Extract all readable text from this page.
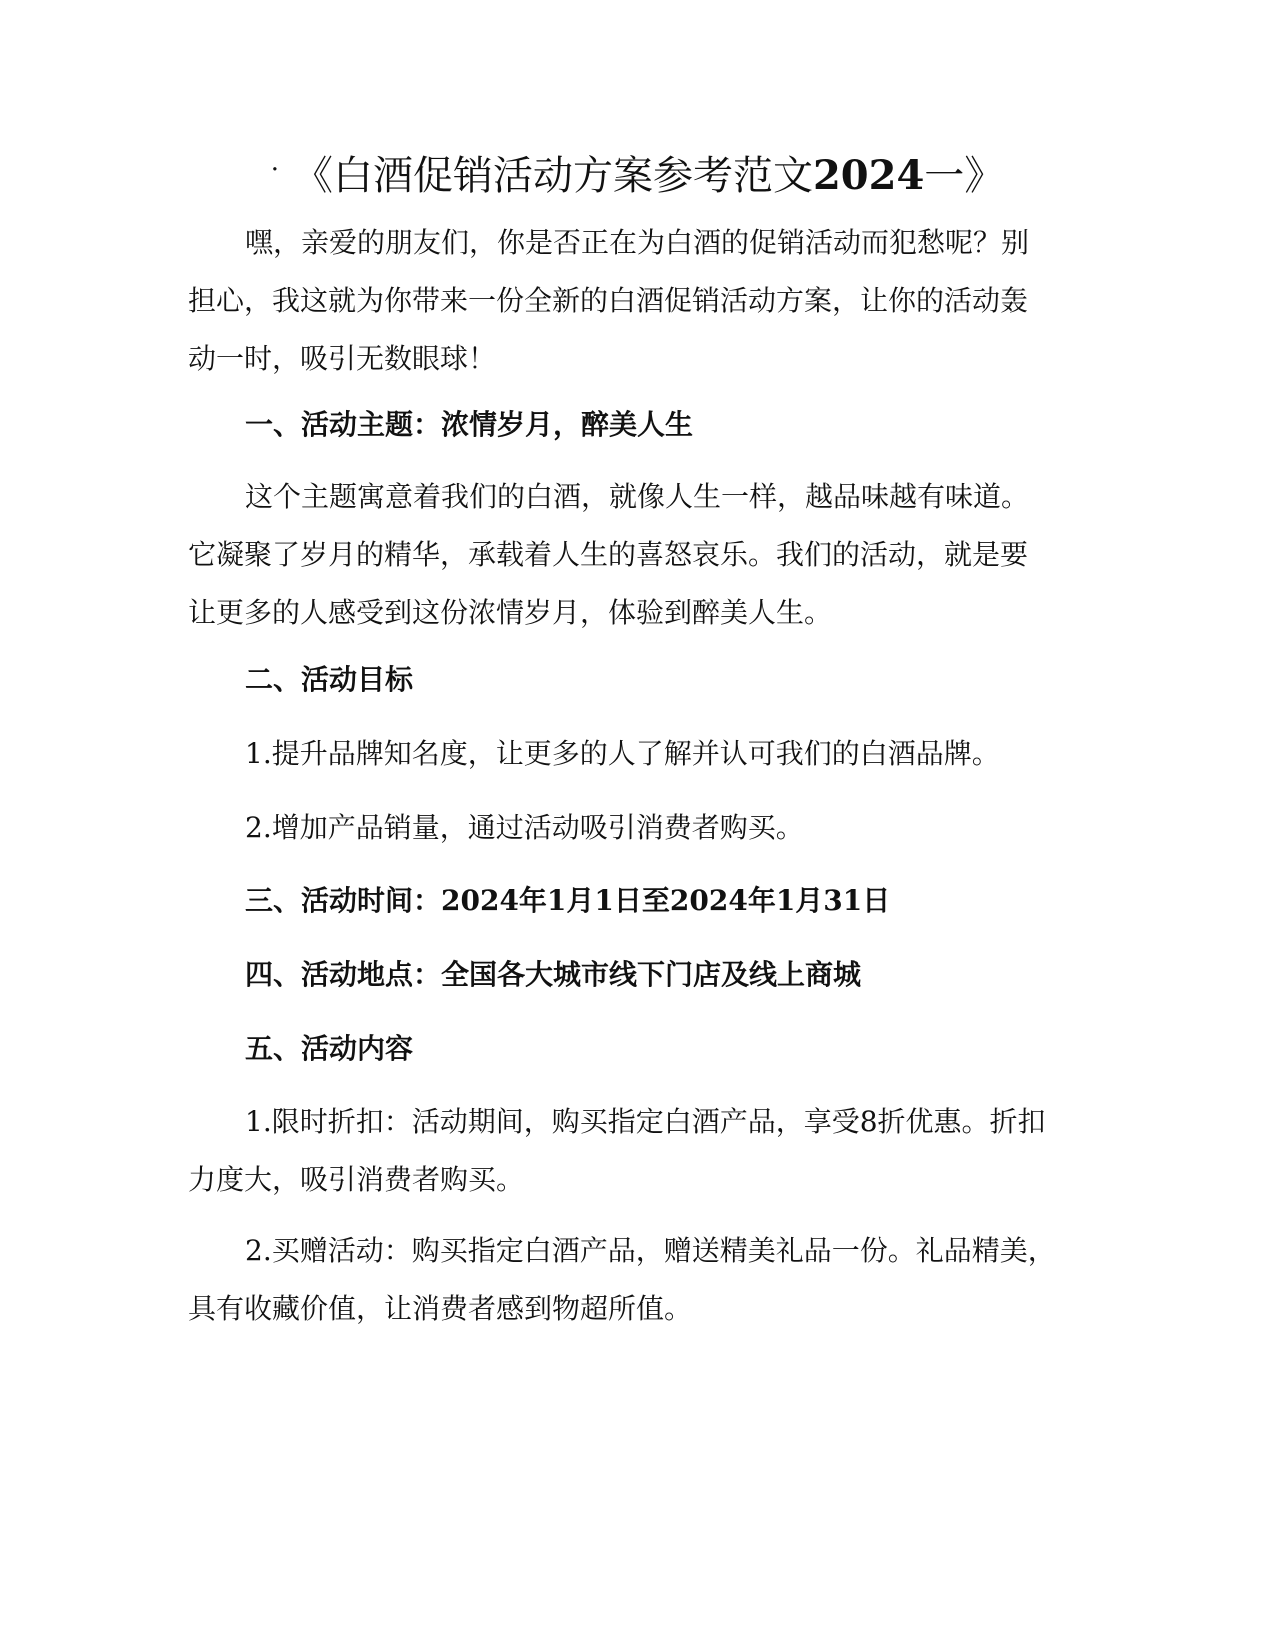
· 《白酒促销活动方案参考范文2024一》
嘿，亲爱的朋友们，你是否正在为白酒的促销活动而犯愁呢？别
担心，我这就为你带来一份全新的白酒促销活动方案，让你的活动轰
动一时，吸引无数眼球！
一、活动主题：浓情岁月，醉美人生
这个主题寓意着我们的白酒，就像人生一样，越品味越有味道。
它凝聚了岁月的精华，承载着人生的喜怒哀乐。我们的活动，就是要
让更多的人感受到这份浓情岁月，体验到醉美人生。
二、活动目标
1.提升品牌知名度，让更多的人了解并认可我们的白酒品牌。
2.增加产品销量，通过活动吸引消费者购买。
三、活动时间：2024年1月1日至2024年1月31日
四、活动地点：全国各大城市线下门店及线上商城
五、活动内容
1.限时折扣：活动期间，购买指定白酒产品，享受8折优惠。折扣
力度大，吸引消费者购买。
2.买赠活动：购买指定白酒产品，赠送精美礼品一份。礼品精美，
具有收藏价值，让消费者感到物超所值。
